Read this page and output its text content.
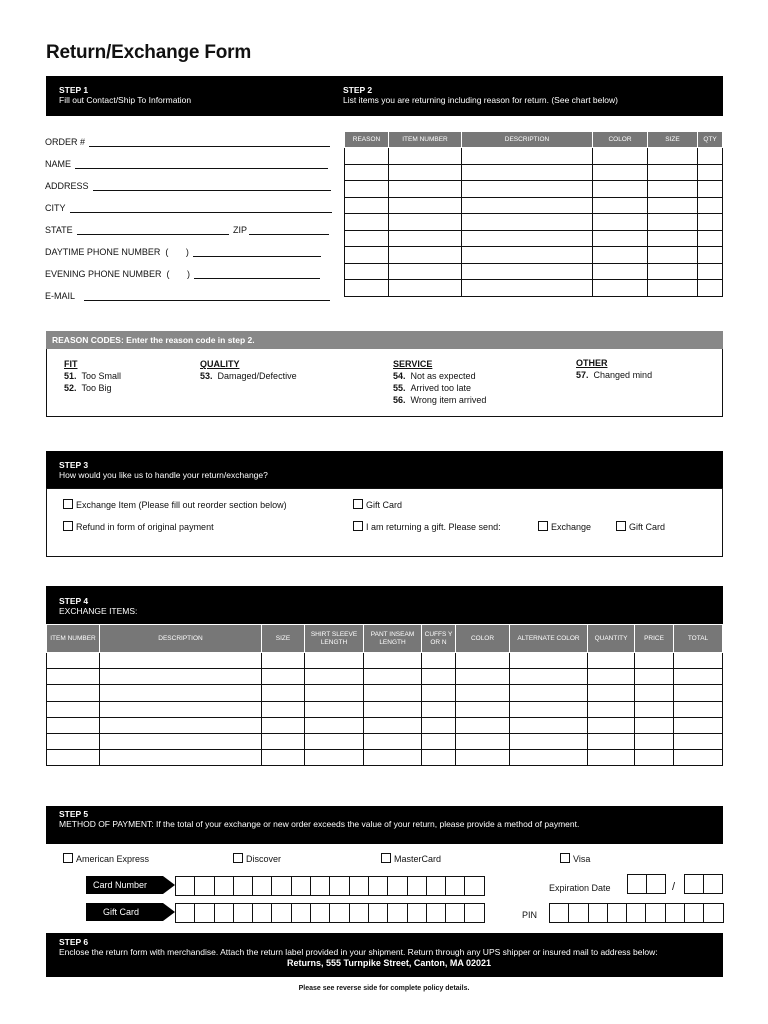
Return/Exchange Form
STEP 1
Fill out Contact/Ship To Information
STEP 2
List items you are returning including reason for return. (See chart below)
ORDER #
NAME
ADDRESS
CITY
STATE	ZIP
DAYTIME PHONE NUMBER  (       )
EVENING PHONE NUMBER  (       )
E-MAIL
REASON	ITEM NUMBER	DESCRIPTION	COLOR	SIZE	QTY

REASON CODES: Enter the reason code in step 2.
FIT
51. Too Small
52. Too Big
QUALITY
53. Damaged/Defective
SERVICE
54. Not as expected
55. Arrived too late
56. Wrong item arrived
OTHER
57. Changed mind
STEP 3
How would you like us to handle your return/exchange?
Exchange Item (Please fill out reorder section below)	Gift Card
Refund in form of original payment	I am returning a gift. Please send:	Exchange	Gift Card
STEP 4
EXCHANGE ITEMS:
ITEM NUMBER	DESCRIPTION	SIZE	SHIRT SLEEVE LENGTH	PANT INSEAM LENGTH	CUFFS Y OR N	COLOR	ALTERNATE COLOR	QUANTITY	PRICE	TOTAL

STEP 5
METHOD OF PAYMENT: If the total of your exchange or new order exceeds the value of your return, please provide a method of payment.
American Express	Discover	MasterCard	Visa
Card Number
Gift Card
Expiration Date	/
PIN
STEP 6
Enclose the return form with merchandise. Attach the return label provided in your shipment. Return through any UPS shipper or insured mail to address below:
Returns, 555 Turnpike Street, Canton, MA 02021
Please see reverse side for complete policy details.
